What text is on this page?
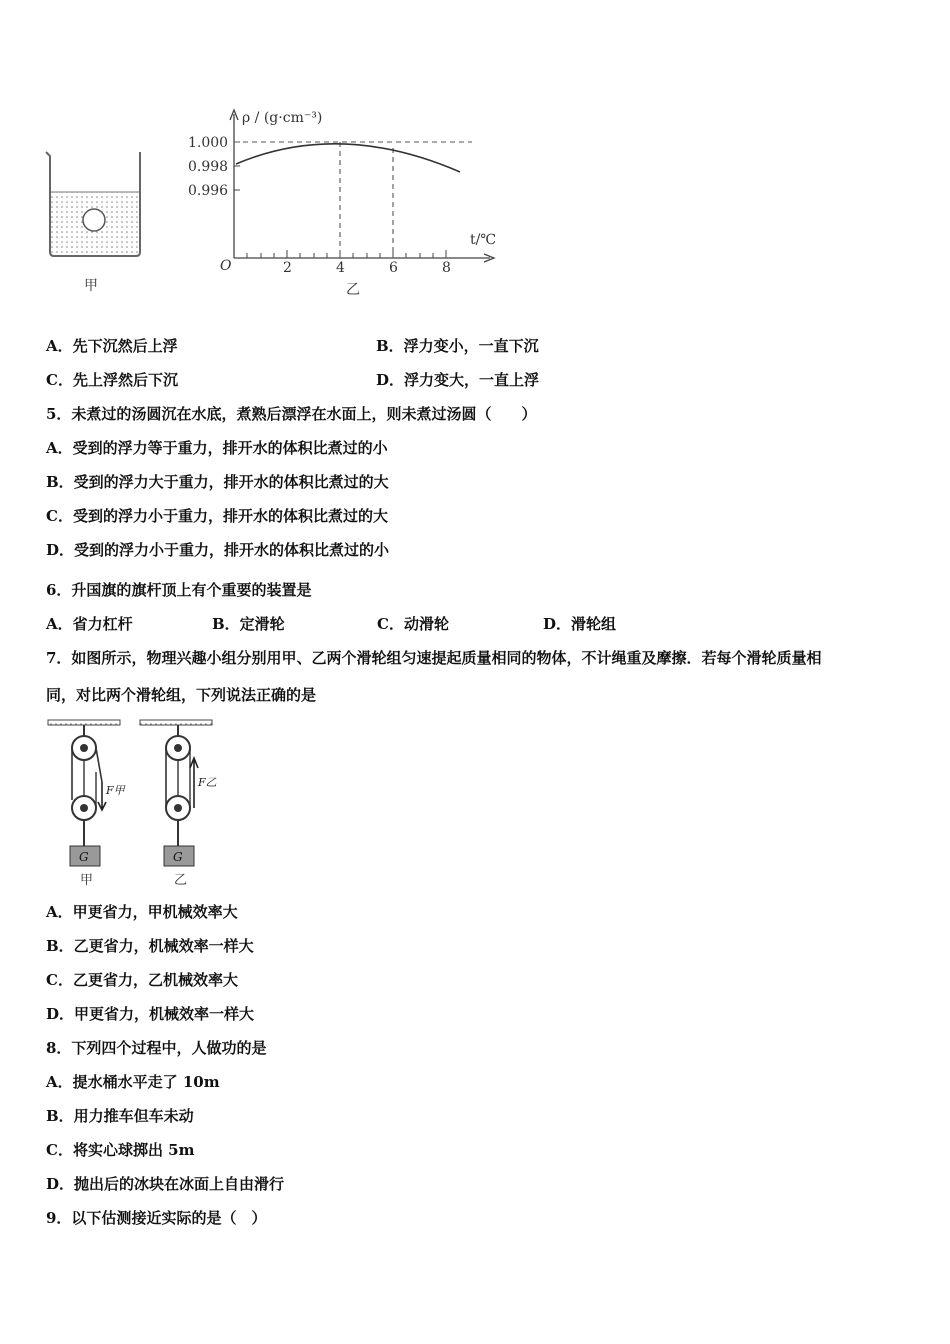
甲
ρ / (g·cm⁻³)
t/℃
O
1.000
0.998
0.996
2	4	6	8
乙
A．先下沉然后上浮	B．浮力变小，一直下沉
C．先上浮然后下沉	D．浮力变大，一直上浮
5．未煮过的汤圆沉在水底，煮熟后漂浮在水面上，则未煮过汤圆（　　）
A．受到的浮力等于重力，排开水的体积比煮过的小
B．受到的浮力大于重力，排开水的体积比煮过的大
C．受到的浮力小于重力，排开水的体积比煮过的大
D．受到的浮力小于重力，排开水的体积比煮过的小
6．升国旗的旗杆顶上有个重要的装置是
A．省力杠杆	B．定滑轮	C．动滑轮	D．滑轮组
7．如图所示，物理兴趣小组分别用甲、乙两个滑轮组匀速提起质量相同的物体，不计绳重及摩擦．若每个滑轮质量相
同，对比两个滑轮组，下列说法正确的是
G
F甲
甲
G
F乙
乙
A．甲更省力，甲机械效率大
B．乙更省力，机械效率一样大
C．乙更省力，乙机械效率大
D．甲更省力，机械效率一样大
8．下列四个过程中，人做功的是
A．提水桶水平走了 10m
B．用力推车但车未动
C．将实心球掷出 5m
D．抛出后的冰块在冰面上自由滑行
9．以下估测接近实际的是（　）
